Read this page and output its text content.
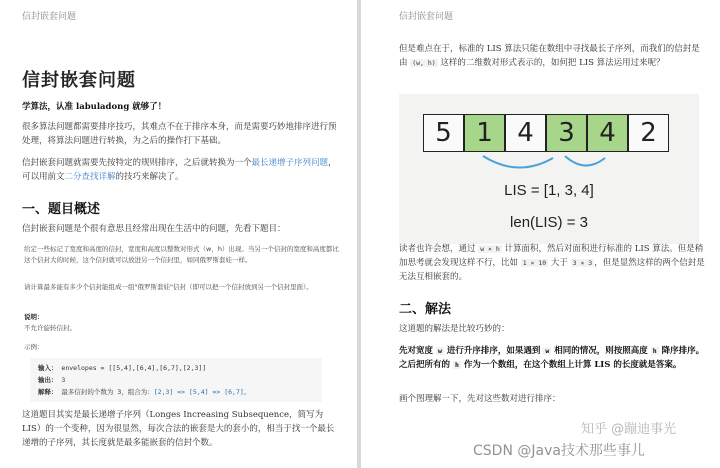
信封嵌套问题
信封嵌套问题
学算法，认准 labuladong 就够了！
很多算法问题都需要排序技巧，其难点不在于排序本身，而是需要巧妙地排序进行预处理，将算法问题进行转换，为之后的操作打下基础。
信封嵌套问题就需要先按特定的规则排序，之后就转换为一个最长递增子序列问题，可以用前文二分查找详解的技巧来解决了。
一、题目概述
信封嵌套问题是个很有意思且经常出现在生活中的问题，先看下题目：
给定一些标记了宽度和高度的信封，宽度和高度以整数对形式（w，h）出现。当另一个信封的宽度和高度都比这个信封大的时候，这个信封就可以放进另一个信封里，如同俄罗斯套娃一样。
请计算最多能有多少个信封能组成一组"俄罗斯套娃"信封（即可以把一个信封放到另一个信封里面）。
说明：
不允许旋转信封。
示例：
输入： envelopes = [[5,4],[6,4],[6,7],[2,3]]
输出： 3
解释： 最多信封的个数为 3，组合为：[2,3] => [5,4] => [6,7]。
这道题目其实是最长递增子序列（Longes Increasing Subsequence，简写为LIS）的一个变种，因为很显然，每次合法的嵌套是大的套小的，相当于找一个最长递增的子序列，其长度就是最多能嵌套的信封个数。
信封嵌套问题
但是难点在于，标准的 LIS 算法只能在数组中寻找最长子序列，而我们的信封是由 (w, h) 这样的二维数对形式表示的，如何把 LIS 算法运用过来呢？
5 1 4 3 4 2
LIS = [1, 3, 4]
len(LIS) = 3
读者也许会想，通过 w × h 计算面积，然后对面积进行标准的 LIS 算法。但是稍加思考就会发现这样不行，比如 1 × 10 大于 3 × 3 ，但是显然这样的两个信封是无法互相嵌套的。
二、解法
这道题的解法是比较巧妙的：
先对宽度 w 进行升序排序，如果遇到 w 相同的情况，则按照高度 h 降序排序。之后把所有的 h 作为一个数组，在这个数组上计算 LIS 的长度就是答案。
画个图理解一下，先对这些数对进行排序：
知乎 @蹦迪事光
CSDN @Java技术那些事儿
